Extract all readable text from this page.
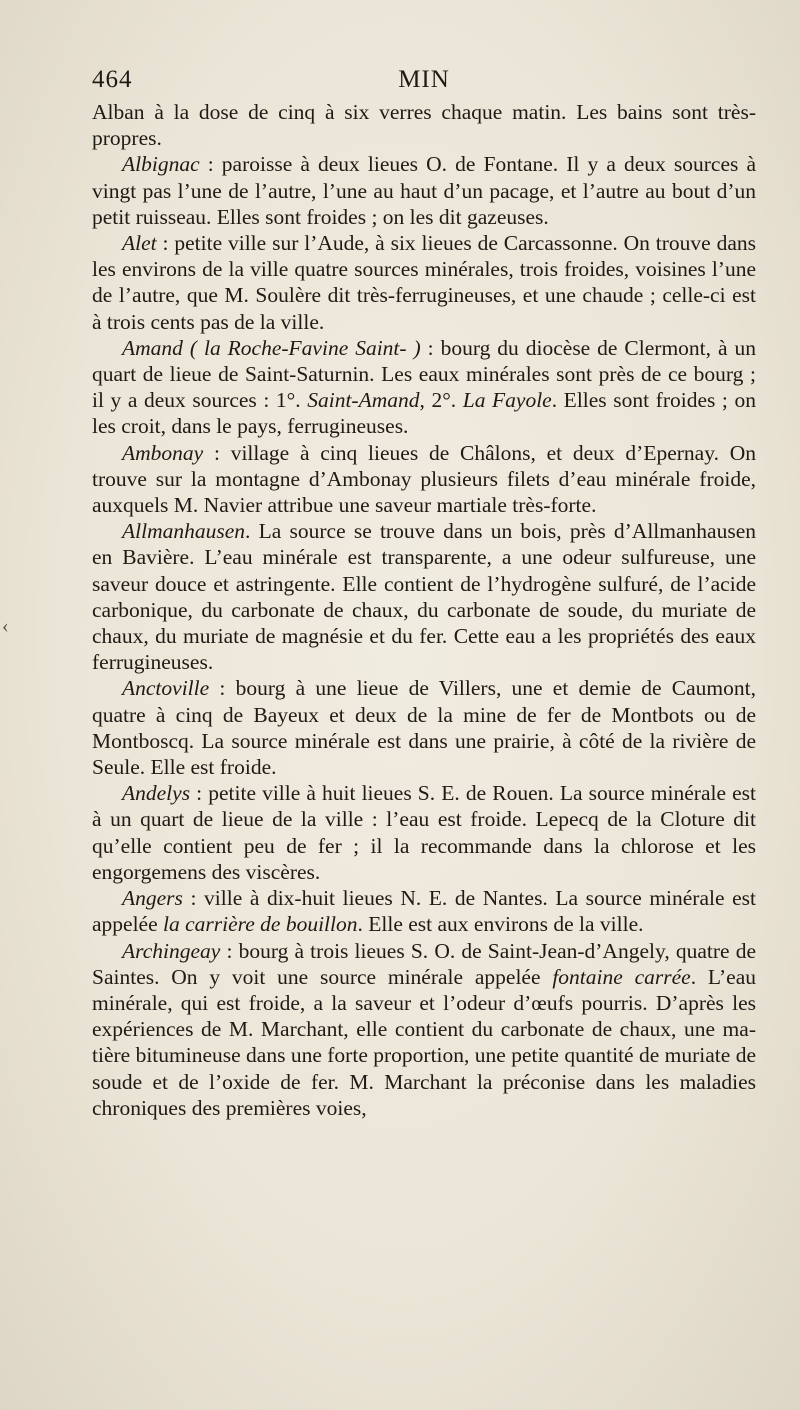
464	MIN
‹

Alban à la dose de cinq à six verres chaque matin. Les bains sont très-propres.

Albignac : paroisse à deux lieues O. de Fontane. Il y a deux sources à vingt pas l’une de l’autre, l’une au haut d’un pacage, et l’autre au bout d’un petit ruisseau. Elles sont froides ; on les dit gazeuses.

Alet : petite ville sur l’Aude, à six lieues de Carcassonne. On trouve dans les environs de la ville quatre sources minérales, trois froides, voisines l’une de l’autre, que M. Soulère dit très-ferrugineuses, et une chaude ; celle-ci est à trois cents pas de la ville.

Amand ( la Roche-Favine Saint- ) : bourg du diocèse de Clermont, à un quart de lieue de Saint-Saturnin. Les eaux minérales sont près de ce bourg ; il y a deux sources : 1°. Saint-Amand, 2°. La Fayole. Elles sont froides ; on les croit, dans le pays, ferrugineuses.

Ambonay : village à cinq lieues de Châlons, et deux d’Epernay. On trouve sur la montagne d’Ambonay plusieurs filets d’eau minérale froide, auxquels M. Navier attribue une saveur martiale très-forte.

Allmanhausen. La source se trouve dans un bois, près d’Allmanhausen en Bavière. L’eau minérale est transparente, a une odeur sulfureuse, une saveur douce et astringente. Elle contient de l’hydrogène sulfuré, de l’acide carbonique, du carbonate de chaux, du carbonate de soude, du muriate de chaux, du muriate de magnésie et du fer. Cette eau a les propriétés des eaux ferrugineuses.

Anctoville : bourg à une lieue de Villers, une et demie de Caumont, quatre à cinq de Bayeux et deux de la mine de fer de Montbots ou de Montboscq. La source minérale est dans une prairie, à côté de la rivière de Seule. Elle est froide.

Andelys : petite ville à huit lieues S. E. de Rouen. La source minérale est à un quart de lieue de la ville : l’eau est froide. Lepecq de la Cloture dit qu’elle contient peu de fer ; il la recommande dans la chlorose et les engorgemens des viscères.

Angers : ville à dix-huit lieues N. E. de Nantes. La source minérale est appelée la carrière de bouillon. Elle est aux environs de la ville.

Archingeay : bourg à trois lieues S. O. de Saint-Jean-d’Angely, quatre de Saintes. On y voit une source minérale appelée fontaine carrée. L’eau minérale, qui est froide, a la saveur et l’odeur d’œufs pourris. D’après les expériences de M. Marchant, elle contient du carbonate de chaux, une matière bitumineuse dans une forte proportion, une petite quantité de muriate de soude et de l’oxide de fer. M. Marchant la préconise dans les maladies chroniques des premières voies,
